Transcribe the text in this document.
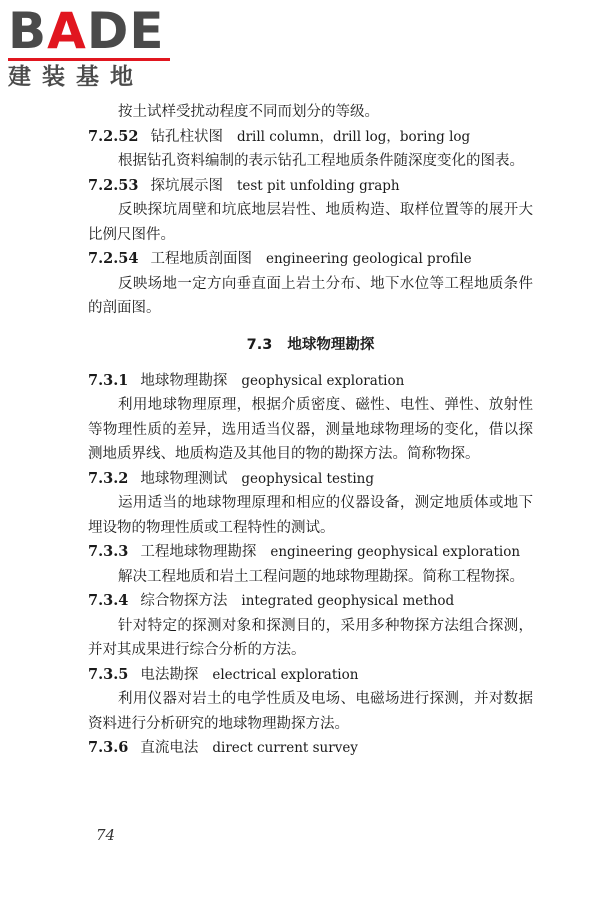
BADE
建装基地

按土试样受扰动程度不同而划分的等级。

7.2.52 钻孔柱状图 drill column，drill log，boring log

根据钻孔资料编制的表示钻孔工程地质条件随深度变化的图表。

7.2.53 探坑展示图 test pit unfolding graph

反映探坑周壁和坑底地层岩性、地质构造、取样位置等的展开大比例尺图件。

7.2.54 工程地质剖面图 engineering geological profile

反映场地一定方向垂直面上岩土分布、地下水位等工程地质条件的剖面图。

7.3 地球物理勘探

7.3.1 地球物理勘探 geophysical exploration

利用地球物理原理，根据介质密度、磁性、电性、弹性、放射性等物理性质的差异，选用适当仪器，测量地球物理场的变化，借以探测地质界线、地质构造及其他目的物的勘探方法。简称物探。

7.3.2 地球物理测试 geophysical testing

运用适当的地球物理原理和相应的仪器设备，测定地质体或地下埋设物的物理性质或工程特性的测试。

7.3.3 工程地球物理勘探 engineering geophysical exploration

解决工程地质和岩土工程问题的地球物理勘探。简称工程物探。

7.3.4 综合物探方法 integrated geophysical method

针对特定的探测对象和探测目的，采用多种物探方法组合探测，并对其成果进行综合分析的方法。

7.3.5 电法勘探 electrical exploration

利用仪器对岩土的电学性质及电场、电磁场进行探测，并对数据资料进行分析研究的地球物理勘探方法。

7.3.6 直流电法 direct current survey

74
